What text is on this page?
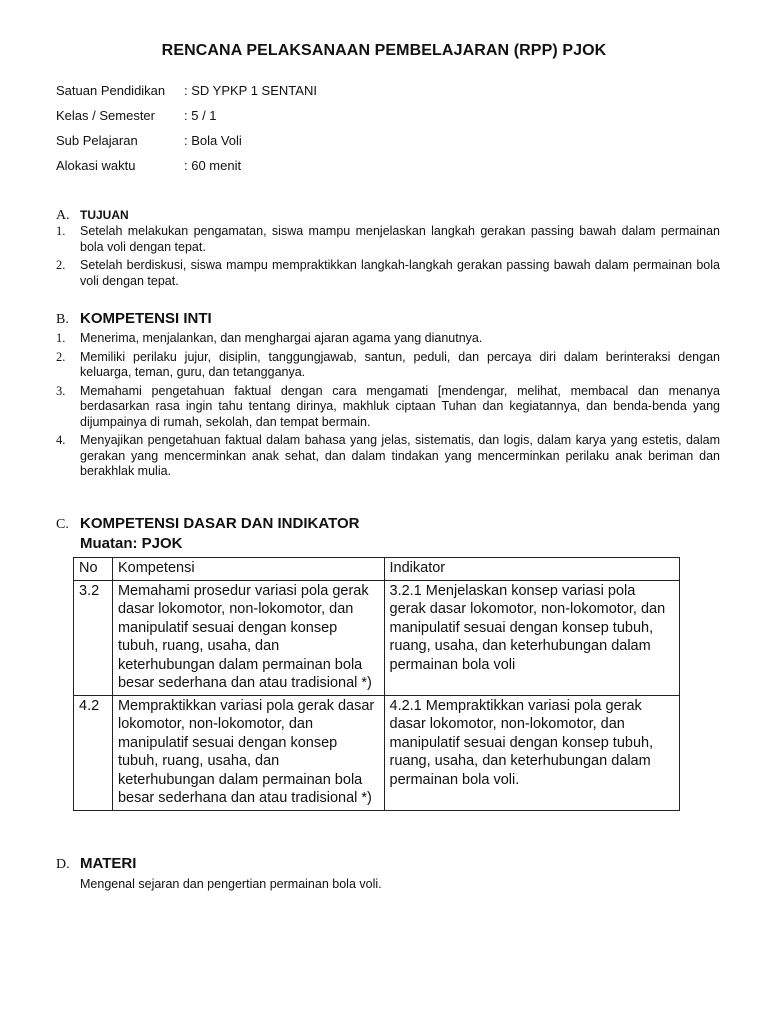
RENCANA PELAKSANAAN PEMBELAJARAN (RPP) PJOK
Satuan Pendidikan	: SD YPKP 1 SENTANI
Kelas / Semester	: 5 / 1
Sub Pelajaran	: Bola Voli
Alokasi waktu	: 60 menit
A. TUJUAN
1.	Setelah melakukan pengamatan, siswa mampu menjelaskan langkah gerakan passing bawah dalam permainan bola voli dengan tepat.
2.	Setelah berdiskusi, siswa mampu mempraktikkan langkah-langkah gerakan passing bawah dalam permainan bola voli dengan tepat.
B. KOMPETENSI INTI
1.	Menerima, menjalankan, dan menghargai ajaran agama yang dianutnya.
2.	Memiliki perilaku jujur, disiplin, tanggungjawab, santun, peduli, dan percaya diri dalam berinteraksi dengan keluarga, teman, guru, dan tetangganya.
3.	Memahami pengetahuan faktual dengan cara mengamati [mendengar, melihat, membacal dan menanya berdasarkan rasa ingin tahu tentang dirinya, makhluk ciptaan Tuhan dan kegiatannya, dan benda-benda yang dijumpainya di rumah, sekolah, dan tempat bermain.
4.	Menyajikan pengetahuan faktual dalam bahasa yang jelas, sistematis, dan logis, dalam karya yang estetis, dalam gerakan yang mencerminkan anak sehat, dan dalam tindakan yang mencerminkan perilaku anak beriman dan berakhlak mulia.
C. KOMPETENSI DASAR DAN INDIKATOR
Muatan: PJOK
No	Kompetensi	Indikator
3.2	Memahami prosedur variasi pola gerak dasar lokomotor, non-lokomotor, dan manipulatif sesuai dengan konsep tubuh, ruang, usaha, dan keterhubungan dalam permainan bola besar sederhana dan atau tradisional *)	3.2.1 Menjelaskan konsep variasi pola gerak dasar lokomotor, non-lokomotor, dan manipulatif sesuai dengan konsep tubuh, ruang, usaha, dan keterhubungan dalam permainan bola voli
4.2	Mempraktikkan variasi pola gerak dasar lokomotor, non-lokomotor, dan manipulatif sesuai dengan konsep tubuh, ruang, usaha, dan keterhubungan dalam permainan bola besar sederhana dan atau tradisional *)	4.2.1 Mempraktikkan variasi pola gerak dasar lokomotor, non-lokomotor, dan manipulatif sesuai dengan konsep tubuh, ruang, usaha, dan keterhubungan dalam permainan bola voli.
D. MATERI
Mengenal sejaran dan pengertian permainan bola voli.
